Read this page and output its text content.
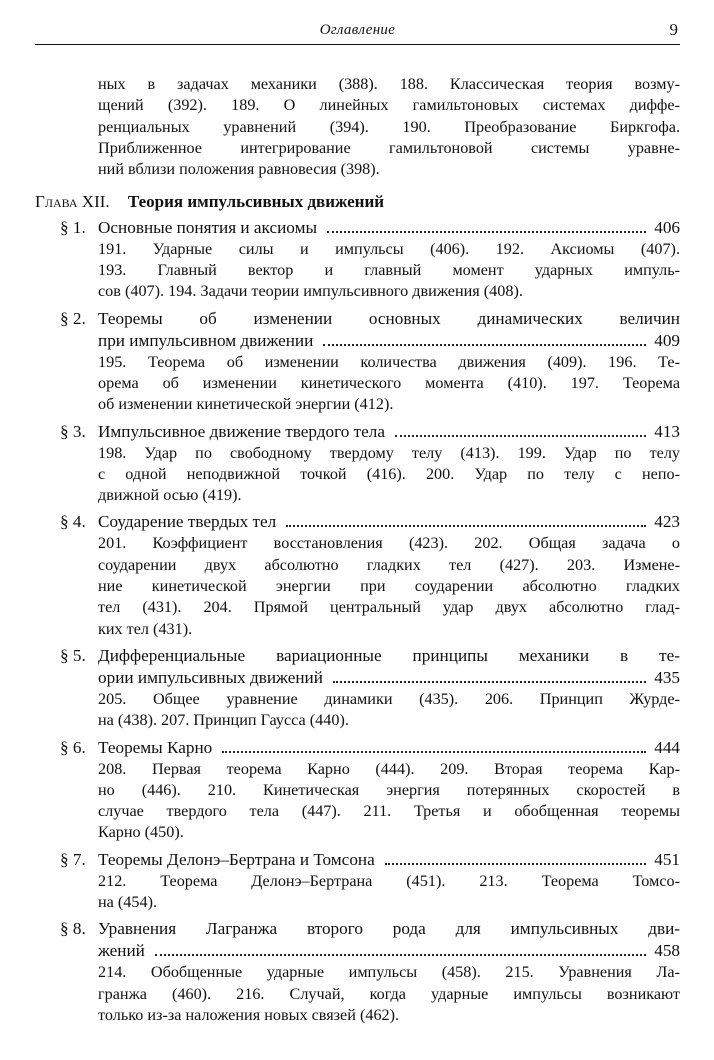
Оглавление	9
ных в задачах механики (388). 188. Классическая теория возму-
щений (392). 189. О линейных гамильтоновых системах диффе-
ренциальных уравнений (394). 190. Преобразование Биркгофа.
Приближенное интегрирование гамильтоновой системы уравне-
ний вблизи положения равновесия (398).
Глава XII. Теория импульсивных движений
§ 1. Основные понятия и аксиомы	406
191. Ударные силы и импульсы (406). 192. Аксиомы (407).
193. Главный вектор и главный момент ударных импуль-
сов (407). 194. Задачи теории импульсивного движения (408).
§ 2. Теоремы об изменении основных динамических величин
при импульсивном движении	409
195. Теорема об изменении количества движения (409). 196. Те-
орема об изменении кинетического момента (410). 197. Теорема
об изменении кинетической энергии (412).
§ 3. Импульсивное движение твердого тела	413
198. Удар по свободному твердому телу (413). 199. Удар по телу
с одной неподвижной точкой (416). 200. Удар по телу с непо-
движной осью (419).
§ 4. Соударение твердых тел	423
201. Коэффициент восстановления (423). 202. Общая задача о
соударении двух абсолютно гладких тел (427). 203. Измене-
ние кинетической энергии при соударении абсолютно гладких
тел (431). 204. Прямой центральный удар двух абсолютно глад-
ких тел (431).
§ 5. Дифференциальные вариационные принципы механики в те-
ории импульсивных движений	435
205. Общее уравнение динамики (435). 206. Принцип Журде-
на (438). 207. Принцип Гаусса (440).
§ 6. Теоремы Карно	444
208. Первая теорема Карно (444). 209. Вторая теорема Кар-
но (446). 210. Кинетическая энергия потерянных скоростей в
случае твердого тела (447). 211. Третья и обобщенная теоремы
Карно (450).
§ 7. Теоремы Делонэ–Бертрана и Томсона	451
212. Теорема Делонэ–Бертрана (451). 213. Теорема Томсо-
на (454).
§ 8. Уравнения Лагранжа второго рода для импульсивных дви-
жений	458
214. Обобщенные ударные импульсы (458). 215. Уравнения Ла-
гранжа (460). 216. Случай, когда ударные импульсы возникают
только из-за наложения новых связей (462).
